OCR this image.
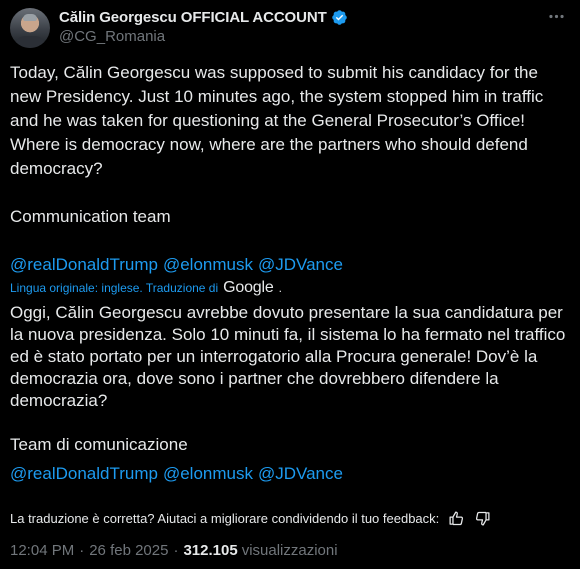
Călin Georgescu OFFICIAL ACCOUNT
@CG_Romania

Today, Călin Georgescu was supposed to submit his candidacy for the new Presidency. Just 10 minutes ago, the system stopped him in traffic and he was taken for questioning at the General Prosecutor’s Office! Where is democracy now, where are the partners who should defend democracy?

Communication team

@realDonaldTrump @elonmusk @JDVance
Lingua originale: inglese. Traduzione di Google .

Oggi, Călin Georgescu avrebbe dovuto presentare la sua candidatura per la nuova presidenza. Solo 10 minuti fa, il sistema lo ha fermato nel traffico ed è stato portato per un interrogatorio alla Procura generale! Dov’è la democrazia ora, dove sono i partner che dovrebbero difendere la democrazia?

Team di comunicazione

@realDonaldTrump @elonmusk @JDVance
La traduzione è corretta? Aiutaci a migliorare condividendo il tuo feedback:
12:04 PM · 26 feb 2025 · 312.105 visualizzazioni
